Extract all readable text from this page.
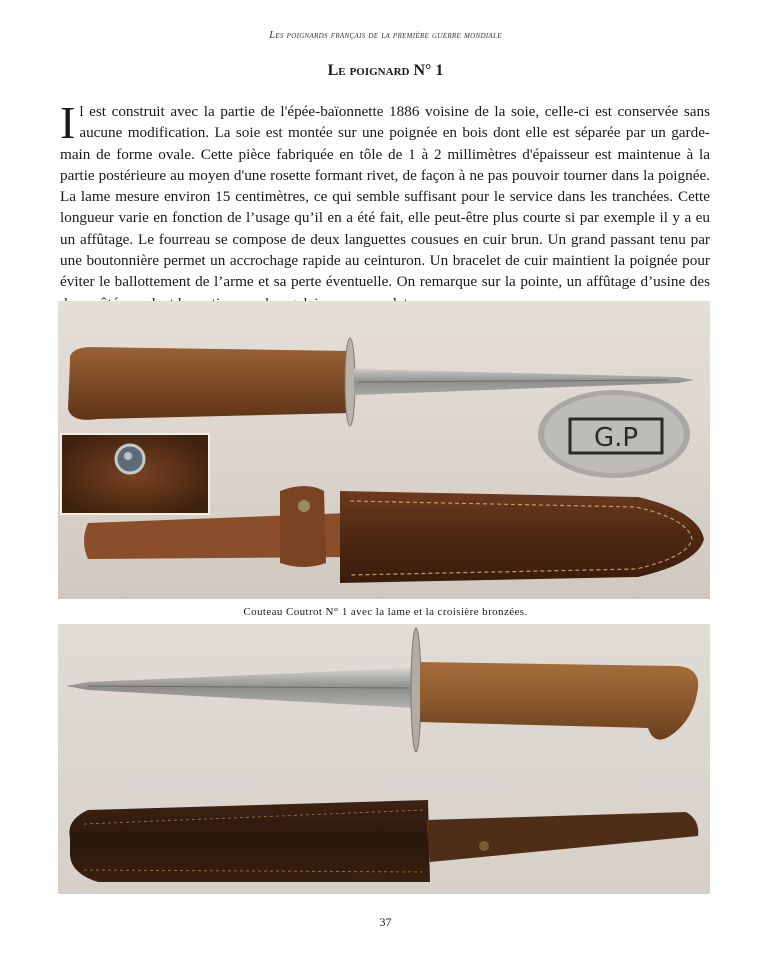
Les poignards français de la première guerre mondiale
Le poignard N° 1
Il est construit avec la partie de l'épée-baïonnette 1886 voisine de la soie, celle-ci est conservée sans aucune modification. La soie est montée sur une poignée en bois dont elle est séparée par un garde-main de forme ovale. Cette pièce fabriquée en tôle de 1 à 2 millimètres d'épaisseur est maintenue à la partie postérieure au moyen d'une rosette formant rivet, de façon à ne pas pouvoir tourner dans la poignée. La lame mesure environ 15 centimètres, ce qui semble suffisant pour le service dans les tranchées. Cette longueur varie en fonction de l’usage qu’il en a été fait, elle peut-être plus courte si par exemple il y a eu un affûtage. Le fourreau se compose de deux languettes cousues en cuir brun. Un grand passant tenu par une boutonnière permet un accrochage rapide au ceinturon. Un bracelet de cuir maintient la poignée pour éviter le ballottement de l’arme et sa perte éventuelle. On remarque sur la pointe, un affûtage d’usine des
G.P
Couteau Coutrot N° 1 avec la lame et la croisière bronzées.
37
